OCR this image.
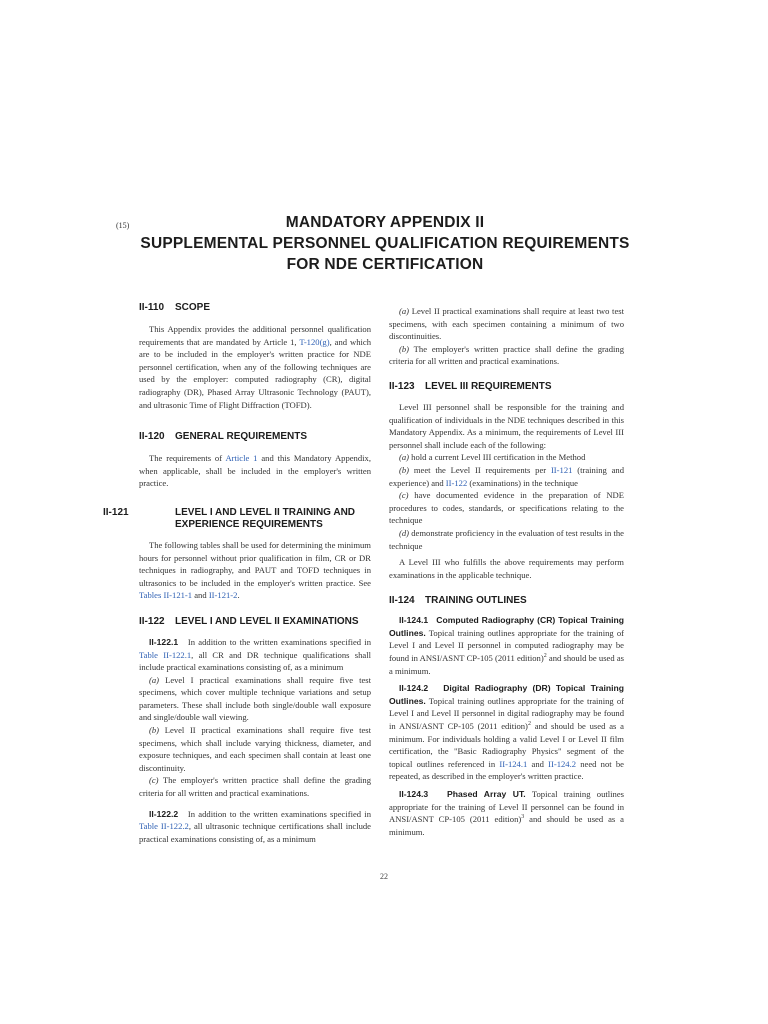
(15)	MANDATORY APPENDIX II
SUPPLEMENTAL PERSONNEL QUALIFICATION REQUIREMENTS
FOR NDE CERTIFICATION
II-110 SCOPE

This Appendix provides the additional personnel qualification requirements that are mandated by Article 1, T-120(g), and which are to be included in the employer's written practice for NDE personnel certification, when any of the following techniques are used by the employer: computed radiography (CR), digital radiography (DR), Phased Array Ultrasonic Technology (PAUT), and ultrasonic Time of Flight Diffraction (TOFD).

II-120 GENERAL REQUIREMENTS

The requirements of Article 1 and this Mandatory Appendix, when applicable, shall be included in the employer's written practice.

II-121	LEVEL I AND LEVEL II TRAINING AND EXPERIENCE REQUIREMENTS

The following tables shall be used for determining the minimum hours for personnel without prior qualification in film, CR or DR techniques in radiography, and PAUT and TOFD techniques in ultrasonics to be included in the employer's written practice. See Tables II-121-1 and II-121-2.

II-122 LEVEL I AND LEVEL II EXAMINATIONS

II-122.1 In addition to the written examinations specified in Table II-122.1, all CR and DR technique qualifications shall include practical examinations consisting of, as a minimum

(a) Level I practical examinations shall require five test specimens, which cover multiple technique variations and setup parameters. These shall include both single/double wall exposure and single/double wall viewing.

(b) Level II practical examinations shall require five test specimens, which shall include varying thickness, diameter, and exposure techniques, and each specimen shall contain at least one discontinuity.

(c) The employer's written practice shall define the grading criteria for all written and practical examinations.

II-122.2 In addition to the written examinations specified in Table II-122.2, all ultrasonic technique certifications shall include practical examinations consisting of, as a minimum

(a) Level II practical examinations shall require at least two test specimens, with each specimen containing a minimum of two discontinuities.

(b) The employer's written practice shall define the grading criteria for all written and practical examinations.

II-123 LEVEL III REQUIREMENTS

Level III personnel shall be responsible for the training and qualification of individuals in the NDE techniques described in this Mandatory Appendix. As a minimum, the requirements of Level III personnel shall include each of the following:

(a) hold a current Level III certification in the Method

(b) meet the Level II requirements per II-121 (training and experience) and II-122 (examinations) in the technique

(c) have documented evidence in the preparation of NDE procedures to codes, standards, or specifications relating to the technique

(d) demonstrate proficiency in the evaluation of test results in the technique

A Level III who fulfills the above requirements may perform examinations in the applicable technique.

II-124 TRAINING OUTLINES

II-124.1 Computed Radiography (CR) Topical Training Outlines. Topical training outlines appropriate for the training of Level I and Level II personnel in computed radiography may be found in ANSI/ASNT CP-105 (2011 edition)$^2$ and should be used as a minimum.

II-124.2 Digital Radiography (DR) Topical Training Outlines. Topical training outlines appropriate for the training of Level I and Level II personnel in digital radiography may be found in ANSI/ASNT CP-105 (2011 edition)$^2$ and should be used as a minimum. For individuals holding a valid Level I or Level II film certification, the "Basic Radiography Physics" segment of the topical outlines referenced in II-124.1 and II-124.2 need not be repeated, as described in the employer's written practice.

II-124.3 Phased Array UT. Topical training outlines appropriate for the training of Level II personnel can be found in ANSI/ASNT CP-105 (2011 edition)$^3$ and should be used as a minimum.

22
